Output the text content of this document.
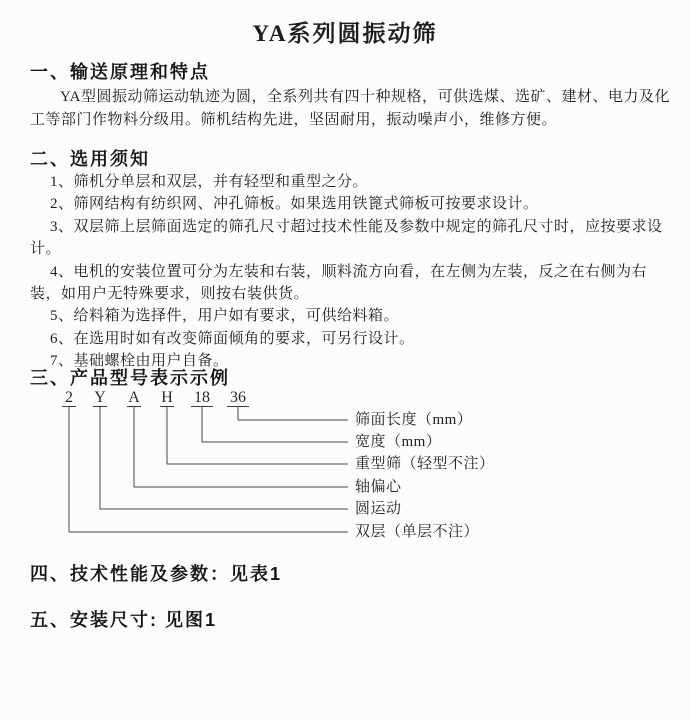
YA系列圆振动筛
一、输送原理和特点
YA型圆振动筛运动轨迹为圆，全系列共有四十种规格，可供选煤、选矿、建材、电力及化工等部门作物料分级用。筛机结构先进，坚固耐用，振动噪声小，维修方便。
二、选用须知
1、筛机分单层和双层，并有轻型和重型之分。
2、筛网结构有纺织网、冲孔筛板。如果选用铁篦式筛板可按要求设计。
3、双层筛上层筛面选定的筛孔尺寸超过技术性能及参数中规定的筛孔尺寸时，应按要求设计。
4、电机的安装位置可分为左装和右装，顺料流方向看，在左侧为左装，反之在右侧为右装，如用户无特殊要求，则按右装供货。
5、给料箱为选择件，用户如有要求，可供给料箱。
6、在选用时如有改变筛面倾角的要求，可另行设计。
7、基础螺栓由用户自备。
三、产品型号表示示例
2 Y A H 18 36
筛面长度（mm）
宽度（mm）
重型筛（轻型不注）
轴偏心
圆运动
双层（单层不注）
四、技术性能及参数：见表1
五、安装尺寸: 见图1
